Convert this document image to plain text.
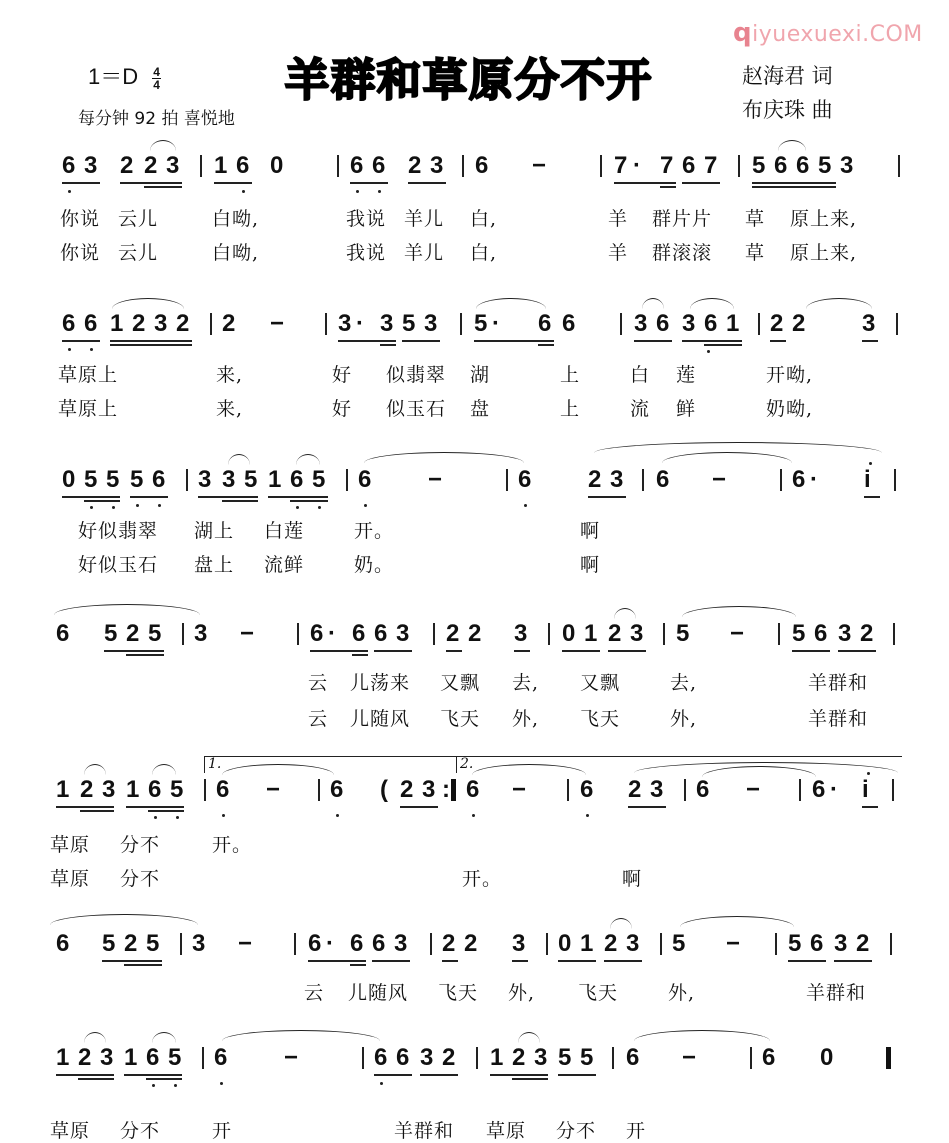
qiyuexuexi.COM
$1=D \frac{4}{4}$
每分钟 92 拍 喜悦地
羊群和草原分不开	赵海君 词
布庆珠 曲
6 3 2 2 3 1 6 0	6 6 2 3 6 −	7 · 7 6 7 5 6 6 5 3
你说 云儿	白呦,	我说 羊儿 白,	羊 群片片 草 原上来,
你说 云儿	白呦,	我说 羊儿 白,	羊 群滚滚 草 原上来,
6 6 1 2 3 2 2 − 3 · 3 5 3 5 · 6 6 3 6 3 6 1 2 2 3
草原上	来,	好 似翡翠 湖	上	白 莲	开呦,
草原上	来,	好 似玉石 盘	上	流 鲜	奶呦,
0 5 5 5 6 3 3 5 1 6 5 6 −	6 2 3 6 −	6 · i
好似翡翠 湖上 白莲	开。	啊
好似玉石 盘上 流鲜	奶。	啊
6 5 2 5 3 − 6 · 6 6 3 2 2 3 0 1 2 3 5 − 5 6 3 2
云 儿荡来 又飘 去, 又飘	去,	羊群和
云 儿随风 飞天 外, 飞天	外,	羊群和
1.	2.
1 2 3 1 6 5 6 − 6 ( 2 3 : 6 − 6 2 3 6 − 6 · i
草原 分不	开。
草原 分不	开。	啊
6 5 2 5 3 − 6 · 6 6 3 2 2 3 0 1 2 3 5 − 5 6 3 2
云 儿随风 飞天 外, 飞天	外,	羊群和
1 2 3 1 6 5 6 −	6 6 3 2 1 2 3 5 5 6 −	6 0
草原 分不	开	羊群和 草原 分不 开
